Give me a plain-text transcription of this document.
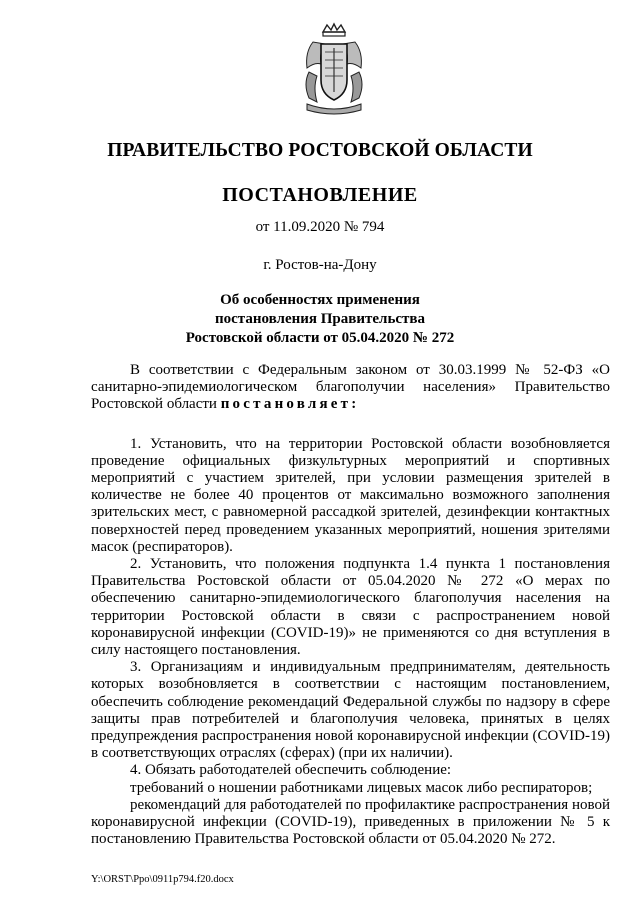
ПРАВИТЕЛЬСТВО РОСТОВСКОЙ ОБЛАСТИ
ПОСТАНОВЛЕНИЕ
от 11.09.2020 № 794
г. Ростов-на-Дону
Об особенностях применения
постановления Правительства
Ростовской области от 05.04.2020 № 272

В соответствии с Федеральным законом от 30.03.1999 № 52-ФЗ «О санитарно-эпидемиологическом благополучии населения» Правительство Ростовской области постановляет:

1. Установить, что на территории Ростовской области возобновляется проведение официальных физкультурных мероприятий и спортивных мероприятий с участием зрителей, при условии размещения зрителей в количестве не более 40 процентов от максимально возможного заполнения зрительских мест, с равномерной рассадкой зрителей, дезинфекции контактных поверхностей перед проведением указанных мероприятий, ношения зрителями масок (респираторов).

2. Установить, что положения подпункта 1.4 пункта 1 постановления Правительства Ростовской области от 05.04.2020 № 272 «О мерах по обеспечению санитарно-эпидемиологического благополучия населения на территории Ростовской области в связи с распространением новой коронавирусной инфекции (COVID-19)» не применяются со дня вступления в силу настоящего постановления.

3. Организациям и индивидуальным предпринимателям, деятельность которых возобновляется в соответствии с настоящим постановлением, обеспечить соблюдение рекомендаций Федеральной службы по надзору в сфере защиты прав потребителей и благополучия человека, принятых в целях предупреждения распространения новой коронавирусной инфекции (COVID-19) в соответствующих отраслях (сферах) (при их наличии).

4. Обязать работодателей обеспечить соблюдение:

требований о ношении работниками лицевых масок либо респираторов;

рекомендаций для работодателей по профилактике распространения новой коронавирусной инфекции (COVID-19), приведенных в приложении № 5 к постановлению Правительства Ростовской области от 05.04.2020 № 272.

Y:\ORST\Ppo\0911p794.f20.docx
